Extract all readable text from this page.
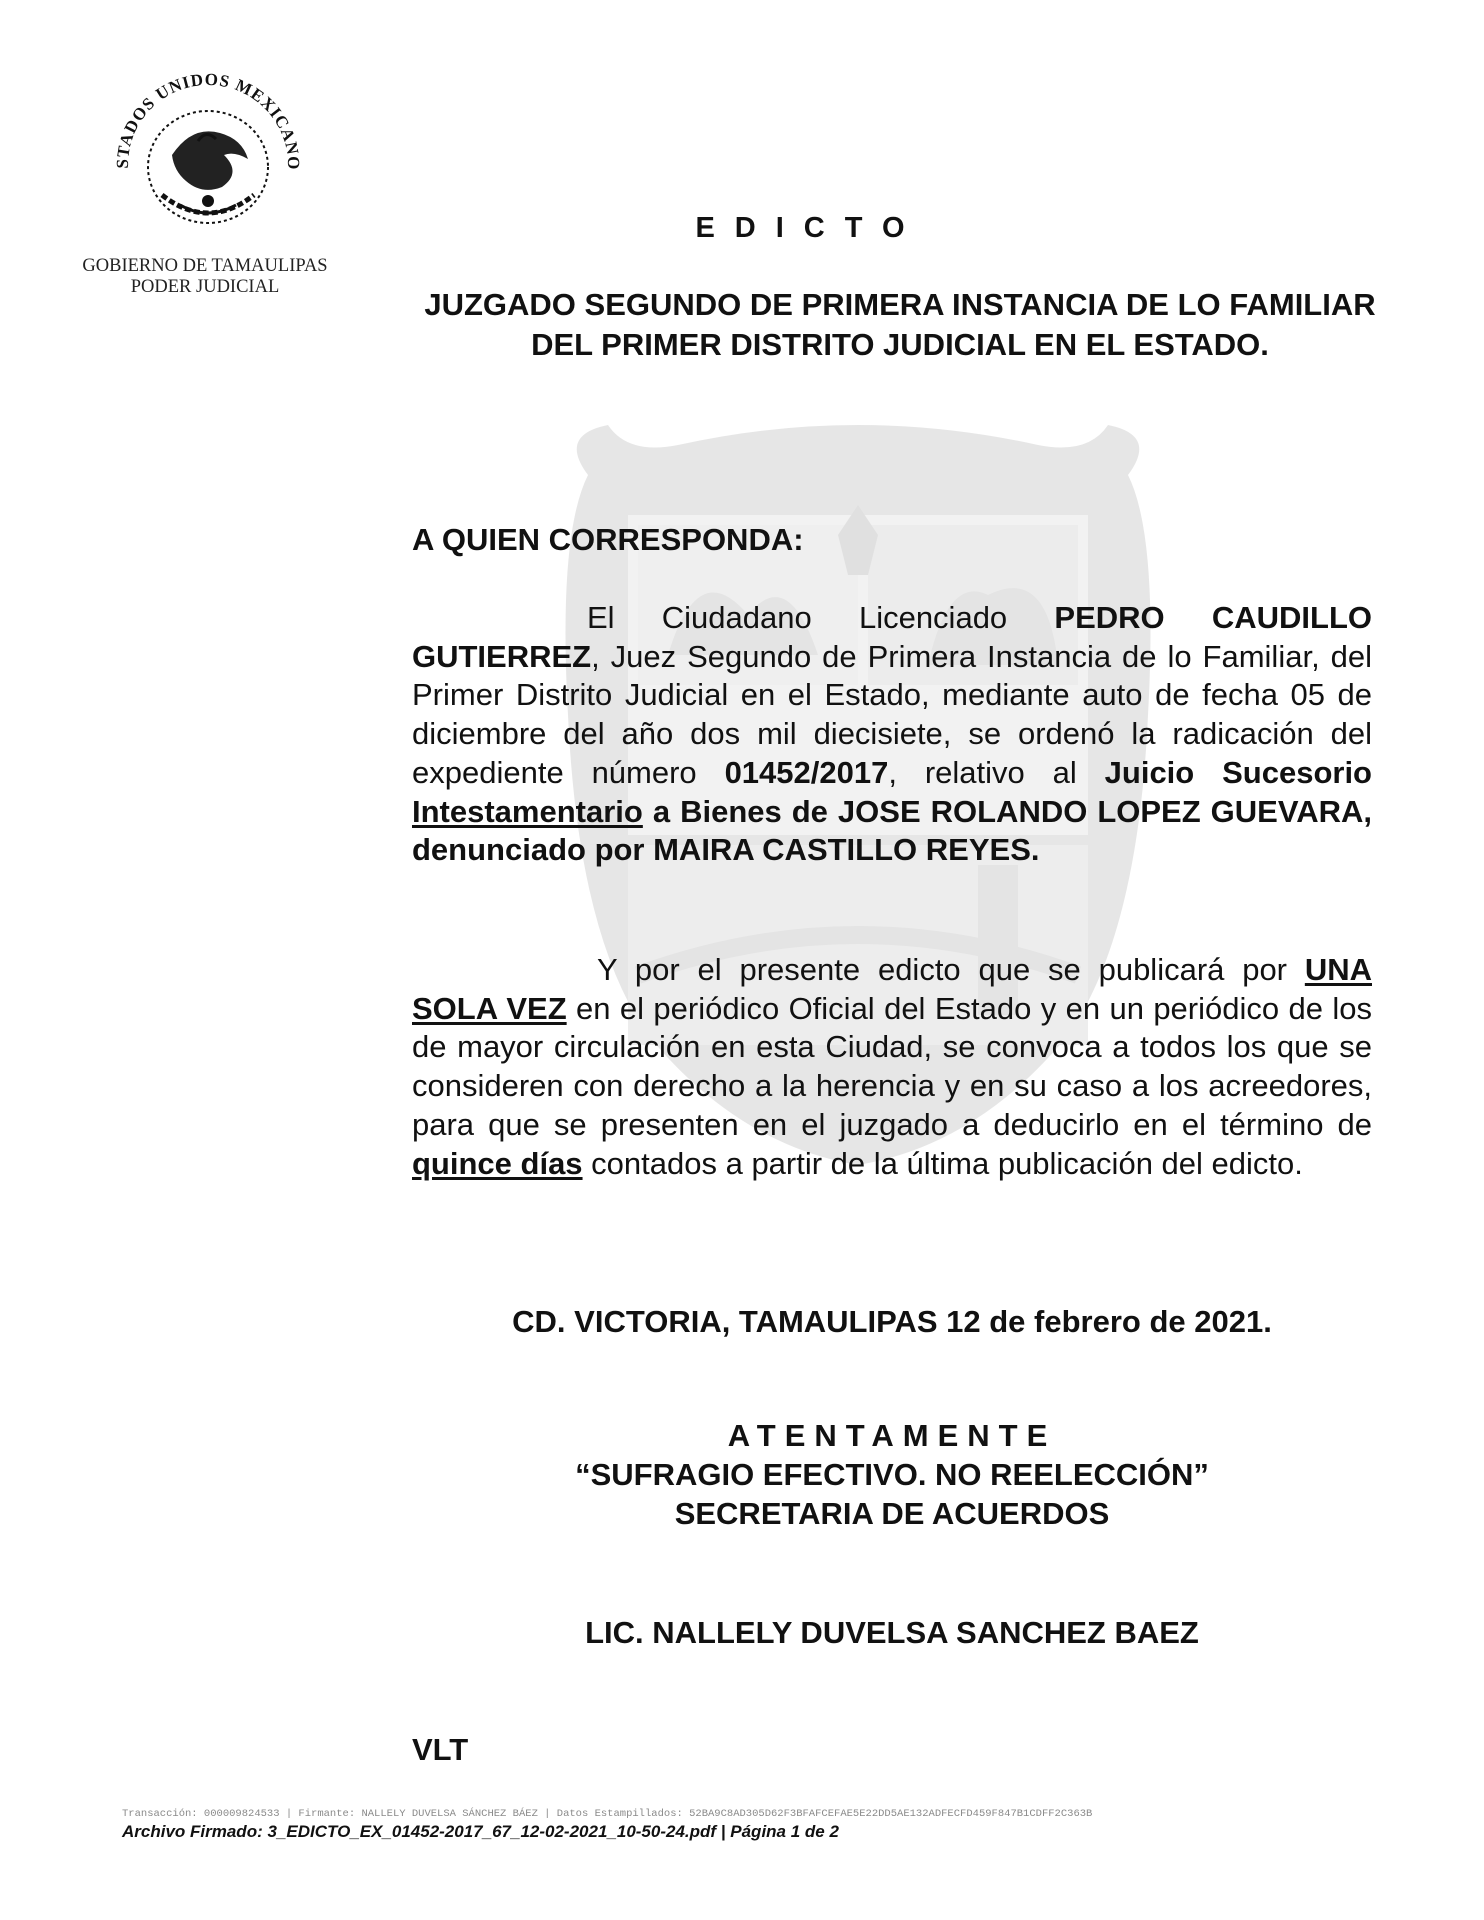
STADOS UNIDOS MEXICANO
GOBIERNO DE TAMAULIPAS
PODER JUDICIAL
EDICTO
JUZGADO SEGUNDO DE PRIMERA INSTANCIA DE LO FAMILIAR DEL PRIMER DISTRITO JUDICIAL EN EL ESTADO.
A QUIEN CORRESPONDA:
El Ciudadano Licenciado PEDRO CAUDILLO GUTIERREZ, Juez Segundo de Primera Instancia de lo Familiar, del Primer Distrito Judicial en el Estado, mediante auto de fecha 05 de diciembre del año dos mil diecisiete, se ordenó la radicación del expediente número 01452/2017, relativo al Juicio Sucesorio Intestamentario a Bienes de JOSE ROLANDO LOPEZ GUEVARA, denunciado por MAIRA CASTILLO REYES.
Y por el presente edicto que se publicará por UNA SOLA VEZ en el periódico Oficial del Estado y en un periódico de los de mayor circulación en esta Ciudad, se convoca a todos los que se consideren con derecho a la herencia y en su caso a los acreedores, para que se presenten en el juzgado a deducirlo en el término de quince días contados a partir de la última publicación del edicto.
CD. VICTORIA, TAMAULIPAS 12 de febrero de 2021.
ATENTAMENTE
“SUFRAGIO EFECTIVO. NO REELECCIÓN”
SECRETARIA DE ACUERDOS
LIC. NALLELY DUVELSA SANCHEZ BAEZ
VLT
Transacción: 000009824533 | Firmante: NALLELY DUVELSA SÁNCHEZ BÁEZ | Datos Estampillados: 52BA9C8AD305D62F3BFAFCEFAE5E22DD5AE132ADFECFD459F847B1CDFF2C363B
Archivo Firmado: 3_EDICTO_EX_01452-2017_67_12-02-2021_10-50-24.pdf | Página 1 de 2
